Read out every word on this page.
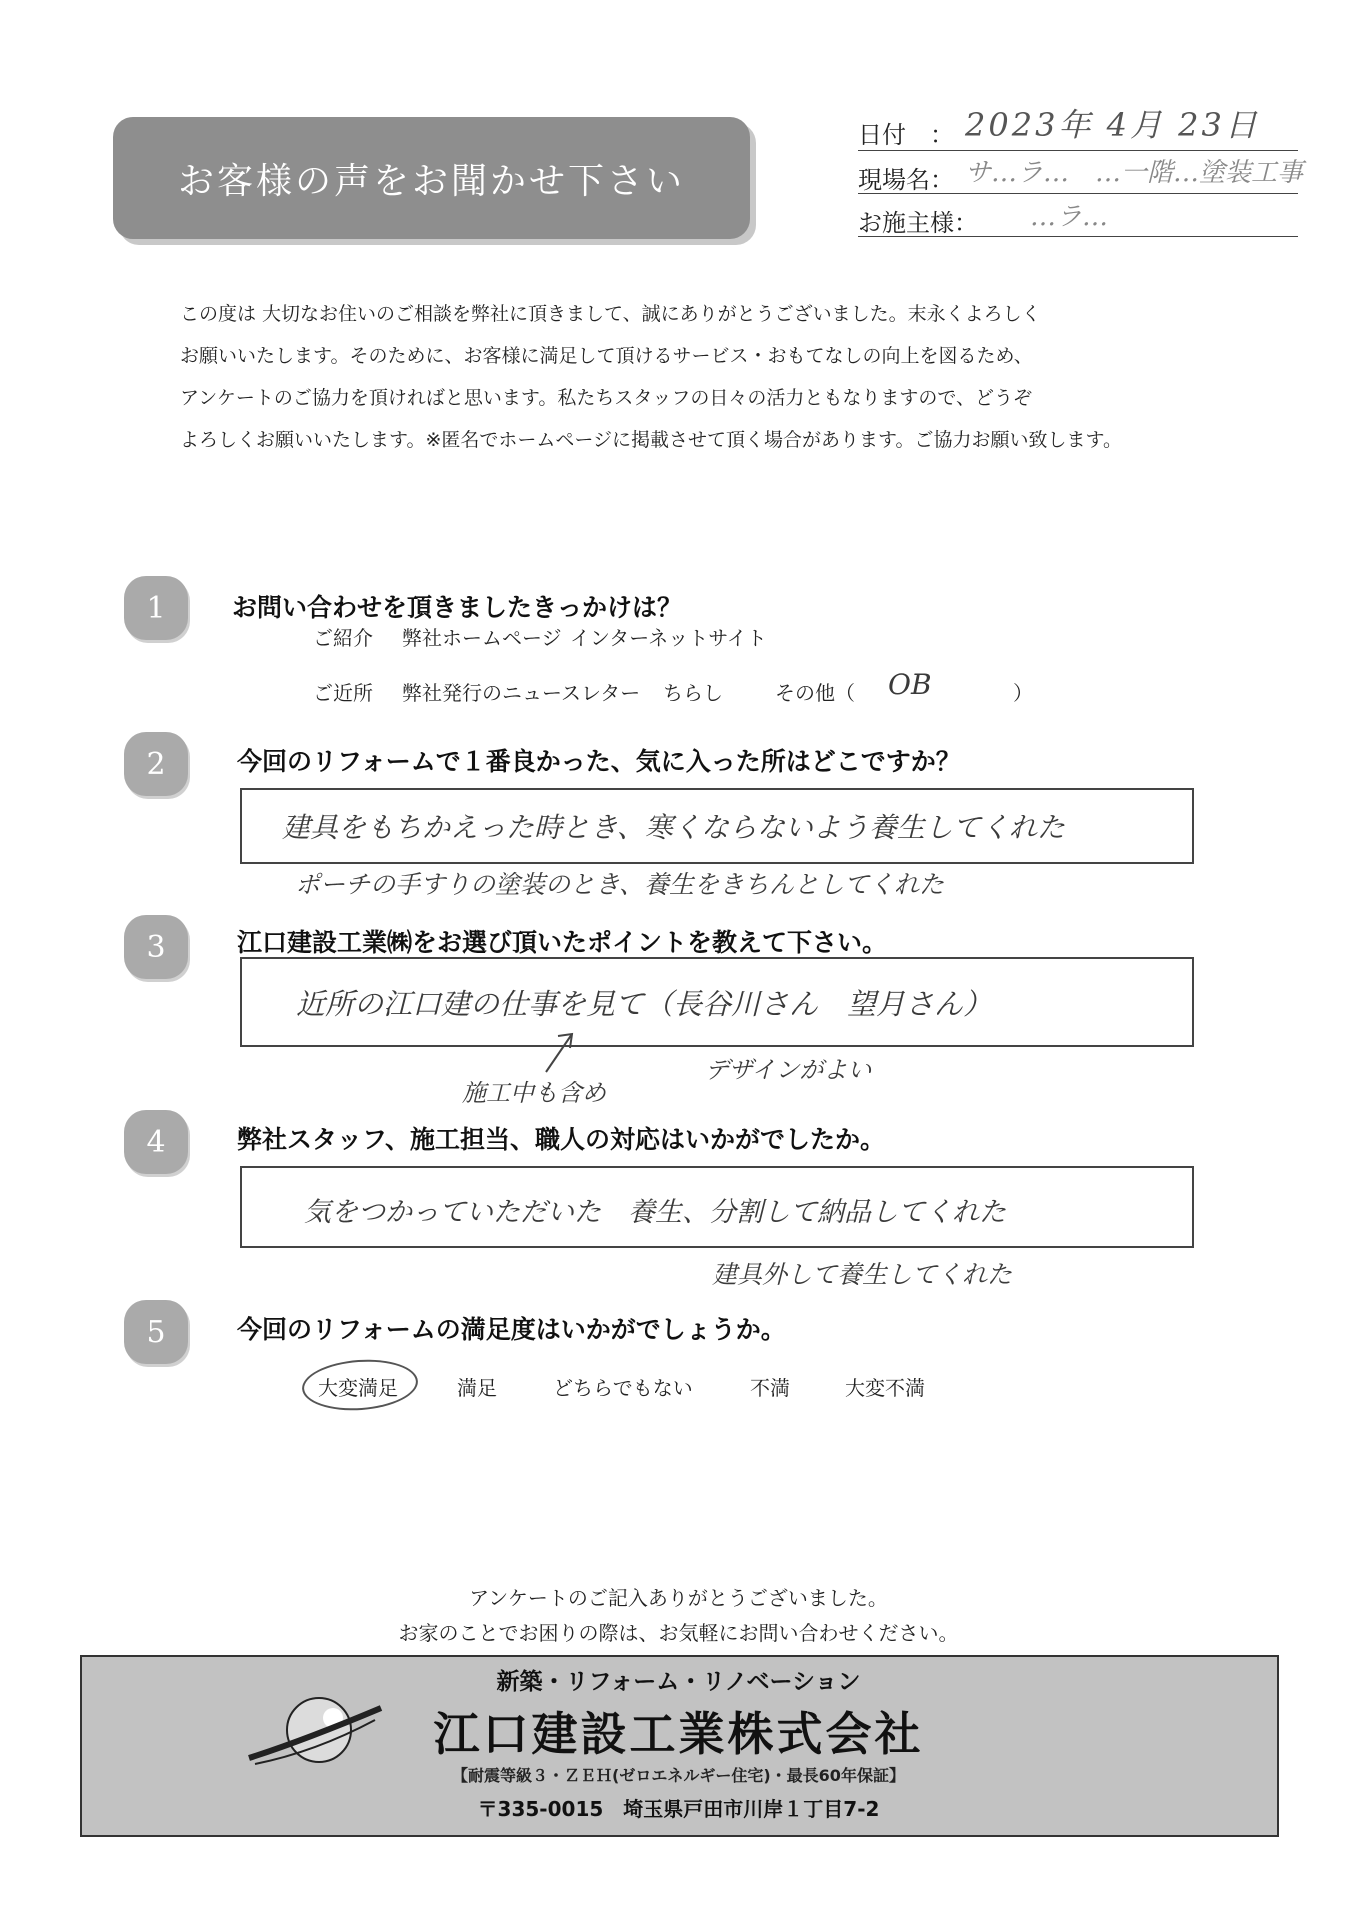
お客様の声をお聞かせ下さい
日付　： 2023年 4月 23日
現場名： サ…ラ…　…一階…塗装工事
お施主様： …ラ…

この度は 大切なお住いのご相談を弊社に頂きまして、誠にありがとうございました。末永くよろしく

お願いいたします。そのために、お客様に満足して頂けるサービス・おもてなしの向上を図るため、

アンケートのご協力を頂ければと思います。私たちスタッフの日々の活力ともなりますので、どうぞ

よろしくお願いいたします。※匿名でホームページに掲載させて頂く場合があります。ご協力お願い致します。

1	お問い合わせを頂きましたきっかけは？
ご紹介 弊社ホームページ インターネットサイト
ご近所 弊社発行のニュースレター ちらし	その他（ OB	）
2	今回のリフォームで１番良かった、気に入った所はどこですか？
建具をもちかえった時とき、寒くならないよう養生してくれた
ポーチの手すりの塗装のとき、養生をきちんとしてくれた
3	江口建設工業㈱をお選び頂いたポイントを教えて下さい。
近所の江口建の仕事を見て（長谷川さん　望月さん）
施工中も含め
デザインがよい
4	弊社スタッフ、施工担当、職人の対応はいかがでしたか。
気をつかっていただいた　養生、分割して納品してくれた
建具外して養生してくれた
5	今回のリフォームの満足度はいかがでしょうか。
大変満足	満足	どちらでもない	不満	大変不満
アンケートのご記入ありがとうございました。
お家のことでお困りの際は、お気軽にお問い合わせください。
新築・リフォーム・リノベーション
江口建設工業株式会社
【耐震等級３・ＺＥＨ(ゼロエネルギー住宅)・最長60年保証】
〒335-0015　埼玉県戸田市川岸１丁目7-2
